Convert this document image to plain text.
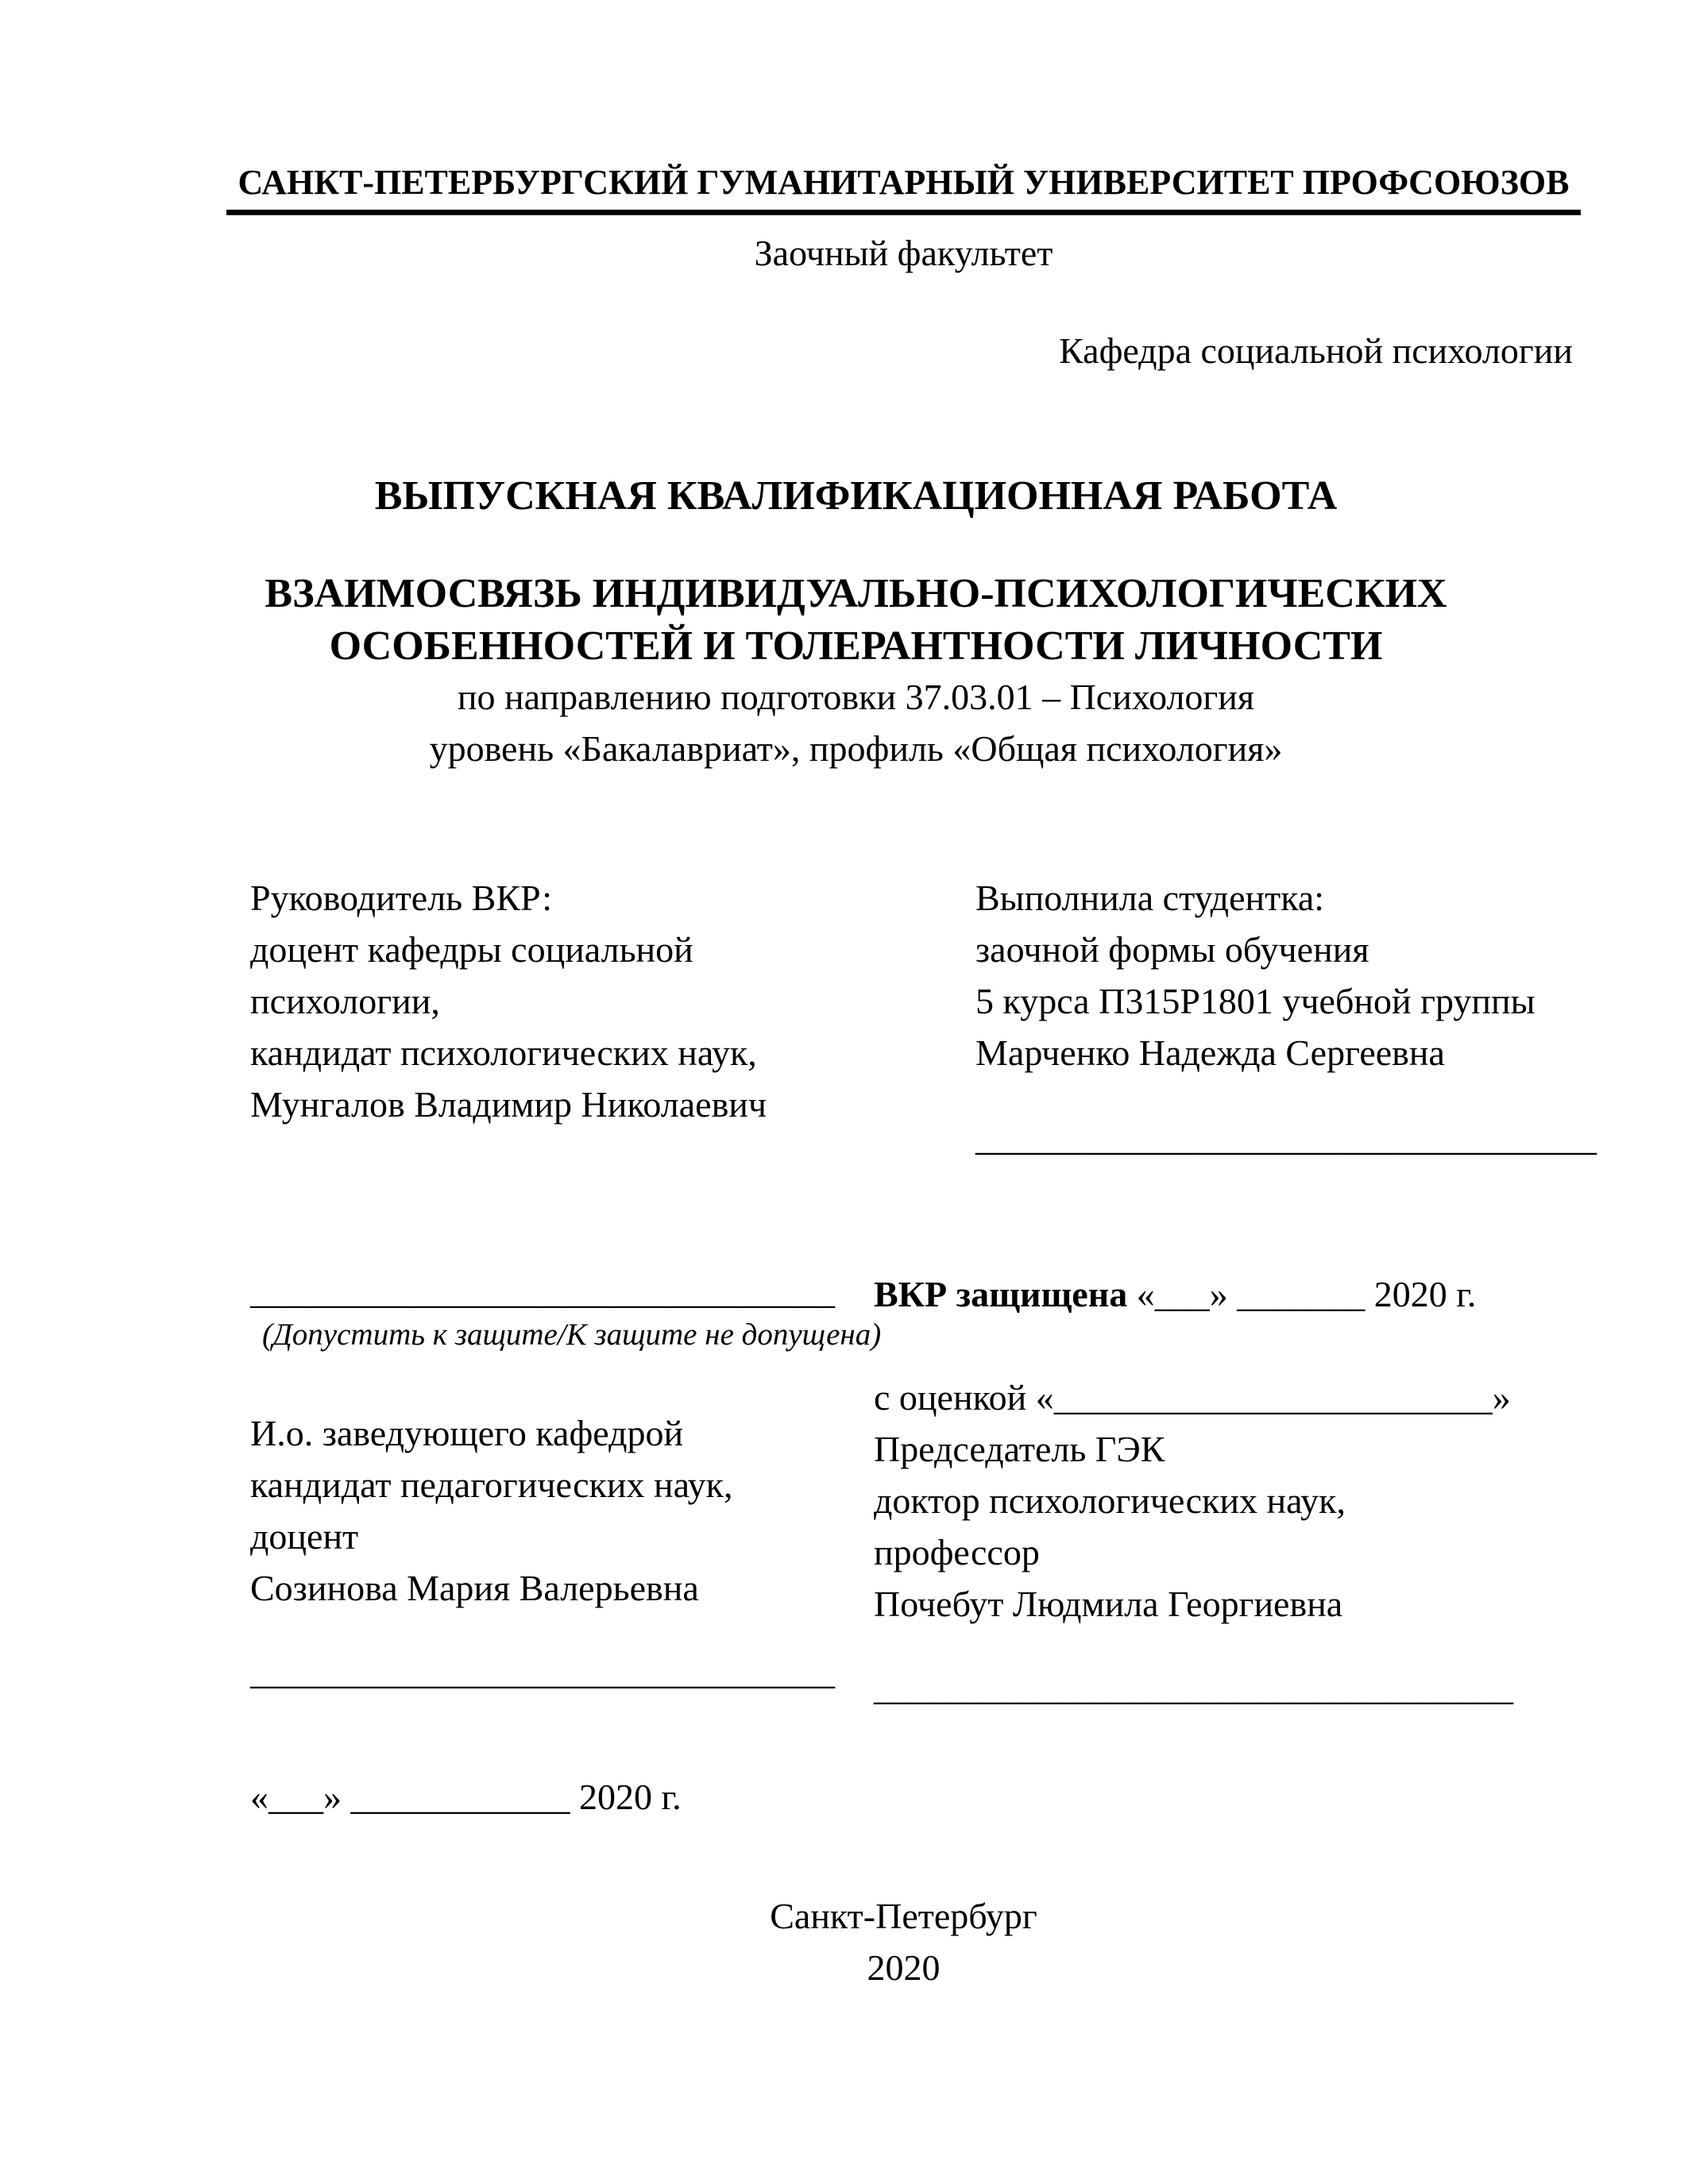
САНКТ-ПЕТЕРБУРГСКИЙ ГУМАНИТАРНЫЙ УНИВЕРСИТЕТ ПРОФСОЮЗОВ
Заочный факультет
Кафедра социальной психологии
ВЫПУСКНАЯ КВАЛИФИКАЦИОННАЯ РАБОТА
ВЗАИМОСВЯЗЬ ИНДИВИДУАЛЬНО-ПСИХОЛОГИЧЕСКИХ
ОСОБЕННОСТЕЙ И ТОЛЕРАНТНОСТИ ЛИЧНОСТИ
по направлению подготовки 37.03.01 – Психология
уровень «Бакалавриат», профиль «Общая психология»
Руководитель ВКР:
доцент кафедры социальной
психологии,
кандидат психологических наук,
Мунгалов Владимир Николаевич
Выполнила студентка:
заочной формы обучения
5 курса П315Р1801 учебной группы
Марченко Надежда Сергеевна
__________________________________
________________________________
(Допустить к защите/К защите не допущена)
ВКР защищена «___» _______ 2020 г.
с оценкой «________________________»
И.о. заведующего кафедрой
кандидат педагогических наук,
доцент
Созинова Мария Валерьевна
Председатель ГЭК
доктор психологических наук,
профессор
Почебут Людмила Георгиевна
________________________________	___________________________________
«___» ____________ 2020 г.
Санкт-Петербург
2020
